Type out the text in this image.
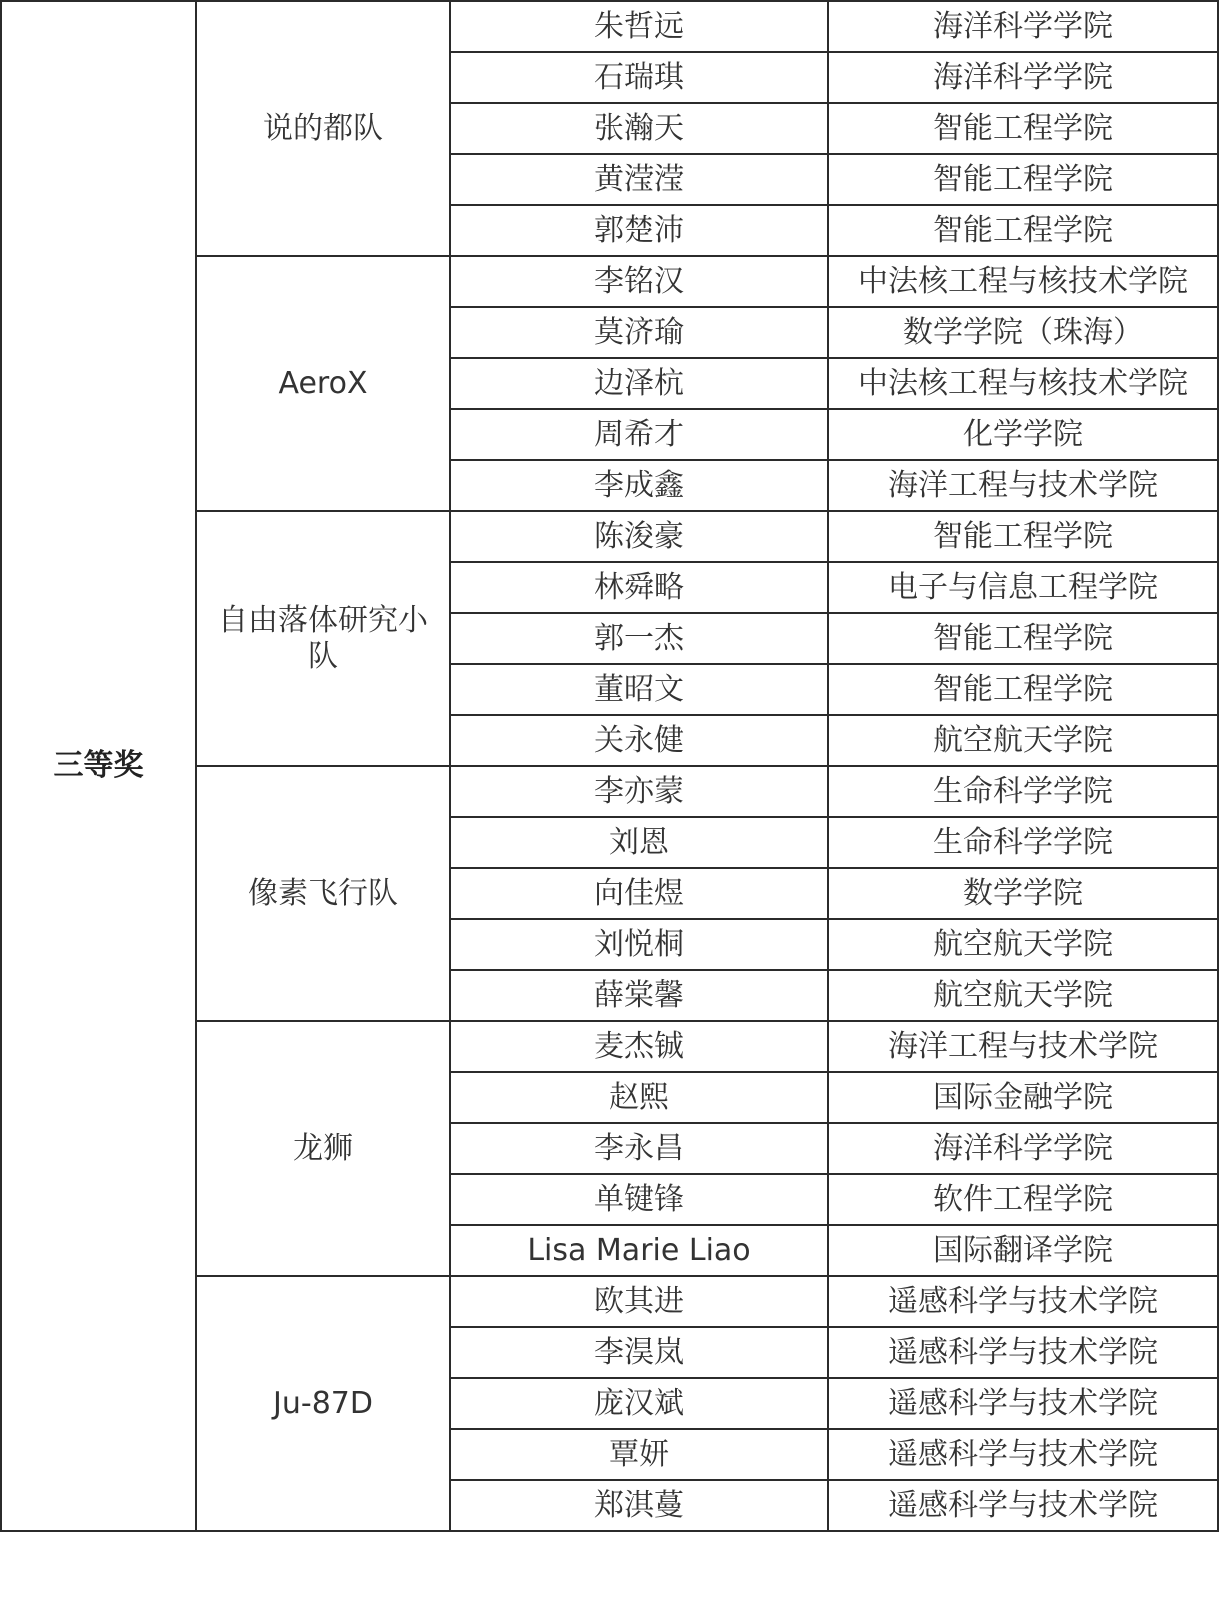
三等奖	说的都队	朱哲远	海洋科学学院
		石瑞琪	海洋科学学院
		张瀚天	智能工程学院
		黄滢滢	智能工程学院
		郭楚沛	智能工程学院
	AeroX	李铭汉	中法核工程与核技术学院
		莫济瑜	数学学院（珠海）
		边泽杭	中法核工程与核技术学院
		周希才	化学学院
		李成鑫	海洋工程与技术学院
	自由落体研究小队	陈浚豪	智能工程学院
		林舜略	电子与信息工程学院
		郭一杰	智能工程学院
		董昭文	智能工程学院
		关永健	航空航天学院
	像素飞行队	李亦蒙	生命科学学院
		刘恩	生命科学学院
		向佳煜	数学学院
		刘悦桐	航空航天学院
		薛棠馨	航空航天学院
	龙狮	麦杰铖	海洋工程与技术学院
		赵熙	国际金融学院
		李永昌	海洋科学学院
		单键锋	软件工程学院
		Lisa Marie Liao	国际翻译学院
	Ju-87D	欧其进	遥感科学与技术学院
		李淏岚	遥感科学与技术学院
		庞汉斌	遥感科学与技术学院
		覃妍	遥感科学与技术学院
		郑淇蔓	遥感科学与技术学院
